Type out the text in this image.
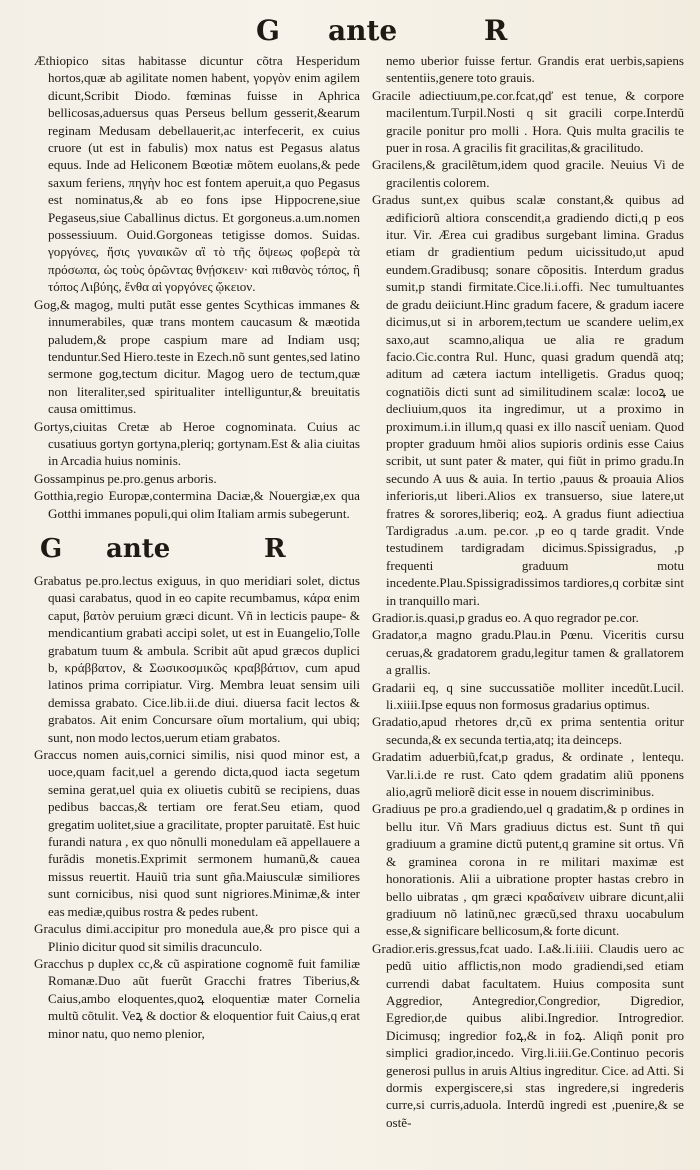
G ante	R

Æthiopico sitas habitasse dicuntur cõtra Hesperidum hortos,quæ ab agilitate nomen habent, γοργὸν enim agilem dicunt,Scribit Diodo. fœminas fuisse in Aphrica bellicosas,aduersus quas Perseus bellum gesserit,&earum reginam Medusam debellauerit,ac interfecerit, ex cuius cruore (ut est in fabulis) mox natus est Pegasus alatus equus. Inde ad Heliconem Bœotiæ mõtem euolans,& pede saxum feriens, πηγὴν hoc est fontem aperuit,a quo Pegasus est nominatus,& ab eo fons ipse Hippocrene,siue Pegaseus,siue Caballinus dictus. Et gorgoneus.a.um.nomen possessiuum. Ouid.Gorgoneas tetigisse domos. Suidas. γοργόνες, ἥσις γυναικῶν αἳ τὸ τῆς ὄψεως φοβερὰ τὰ πρόσωπα, ὡς τοὺς ὁρῶντας θνῄσκειν· καὶ πιθανὸς τόπος, ἢ τόπος Λιβύης, ἔνθα αἱ γοργόνες ᾤκειον.

Gog,& magog, multi putãt esse gentes Scythicas immanes & innumerabiles, quæ trans montem caucasum & mæotida paludem,& prope caspium mare ad Indiam usq; tenduntur.Sed Hiero.teste in Ezech.nõ sunt gentes,sed latino sermone gog,tectum dicitur. Magog uero de tectum,quæ non literaliter,sed spiritualiter intelliguntur,& breuitatis causa omittimus.

Gortys,ciuitas Cretæ ab Heroe cognominata. Cuius ac cusatiuus gortyn gortyna,pleriq; gortynam.Est & alia ciuitas in Arcadia huius nominis.

Gossampinus pe.pro.genus arboris.

Gotthia,regio Europæ,contermina Daciæ,& Nouergiæ,ex qua Gotthi immanes populi,qui olim Italiam armis subegerunt.

G ante	R

Grabatus pe.pro.lectus exiguus, in quo meridiari solet, dictus quasi carabatus, quod in eo capite recumbamus, κάρα enim caput, βατὸν peruium græci dicunt. Vñ in lecticis paupe- & mendicantium grabati accipi solet, ut est in Euangelio,Tolle grabatum tuum & ambula. Scribit aũt apud græcos duplici b, κράββατον, & Σωσικοσμικῶς κραββάτιον, cum apud latinos prima corripiatur. Virg. Membra leuat sensim uili demissa grabato. Cice.lib.ii.de diui. diuersa facit lectos & grabatos. Ait enim Concursare oĩum mortalium, qui ubiq; sunt, non modo lectos,uerum etiam grabatos.

Graccus nomen auis,cornici similis, nisi quod minor est, a uoce,quam facit,uel a gerendo dicta,quod iacta segetum semina gerat,uel quia ex oliuetis cubitũ se recipiens, duas pedibus baccas,& tertiam ore ferat.Seu etiam, quod gregatim uolitet,siue a gracilitate, propter paruitatẽ. Est huic furandi natura , ex quo nõnulli monedulam eã appellauere a furãdis monetis.Exprimit sermonem humanũ,& cauea missus reuertit. Hauiũ tria sunt gña.Maiusculæ similiores sunt cornicibus, nisi quod sunt nigriores.Minimæ,& inter eas mediæ,quibus rostra & pedes rubent.

Graculus dimi.accipitur pro monedula aue,& pro pisce qui a Plinio dicitur quod sit similis dracunculo.

Gracchus p duplex cc,& cũ aspiratione cognomẽ fuit familiæ Romanæ.Duo aũt fuerũt Gracchi fratres Tiberius,& Caius,ambo eloquentes,quoꝝ eloquentiæ mater Cornelia multũ cõtulit. Veꝝ & doctior & eloquentior fuit Caius,q erat minor natu, quo nemo plenior,

nemo uberior fuisse fertur. Grandis erat uerbis,sapiens sententiis,genere toto grauis.

Gracile adiectiuum,pe.cor.fcat,qď est tenue, & corpore macilentum.Turpil.Nosti q sit gracili corpe.Interdũ gracile ponitur pro molli . Hora. Quis multa gracilis te puer in rosa. A gracilis fit gracilitas,& gracilitudo.

Gracilens,& gracilẽtum,idem quod gracile. Neuius Vi de gracilentis colorem.

Gradus sunt,ex quibus scalæ constant,& quibus ad ædificiorũ altiora conscendit,a gradiendo dicti,q p eos itur. Vir. Ærea cui gradibus surgebant limina. Gradus etiam dr gradientium pedum uicissitudo,ut apud eundem.Gradibusq; sonare cõpositis. Interdum gradus sumit,p standi firmitate.Cice.li.i.offi. Nec tumultuantes de gradu deiiciunt.Hinc gradum facere, & gradum iacere dicimus,ut si in arborem,tectum ue scandere uelim,ex saxo,aut scamno,aliqua ue alia re gradum facio.Cic.contra Rul. Hunc, quasi gradum quendã atq; aditum ad cætera iactum intelligetis. Gradus quoq; cognatiõis dicti sunt ad similitudinem scalæ: locoꝝ ue decliuium,quos ita ingredimur, ut a proximo in proximum.i.in illum,q quasi ex illo nascit̃ ueniam. Quod propter graduum hmõi alios supioris ordinis esse Caius scribit, ut sunt pater & mater, qui fiũt in primo gradu.In secundo A uus & auia. In tertio ,pauus & proauia Alios inferioris,ut liberi.Alios ex transuerso, siue latere,ut fratres & sorores,liberiq; eoꝝ. A gradus fiunt adiectiua Tardigradus .a.um. pe.cor. ,p eo q tarde gradit. Vnde testudinem tardigradam dicimus.Spissigradus, ,p frequenti graduum motu incedente.Plau.Spissigradissimos tardiores,q corbitæ sint in tranquillo mari.

Gradior.is.quasi,p gradus eo. A quo regrador pe.cor.

Gradator,a magno gradu.Plau.in Pœnu. Viceritis cursu ceruas,& gradatorem gradu,legitur tamen & grallatorem a grallis.

Gradarii eq, q sine succussatiõe molliter incedũt.Lucil. li.xiiii.Ipse equus non formosus gradarius optimus.

Gradatio,apud rhetores dr,cũ ex prima sententia oritur secunda,& ex secunda tertia,atq; ita deinceps.

Gradatim aduerbiũ,fcat,p gradus, & ordinate , lentequ. Var.li.i.de re rust. Cato qdem gradatim aliũ pponens alio,agrũ meliorẽ dicit esse in nouem discriminibus.

Gradiuus pe pro.a gradiendo,uel q gradatim,& p ordines in bellu itur. Vñ Mars gradiuus dictus est. Sunt tñ qui gradiuum a gramine dictũ putent,q gramine sit ortus. Vñ & graminea corona in re militari maximæ est honorationis. Alii a uibratione propter hastas crebro in bello uibratas , qm græci κραδαίνειν uibrare dicunt,alii gradiuum nõ latinũ,nec græcũ,sed thraxu uocabulum esse,& significare bellicosum,& forte dicunt.

Gradior.eris.gressus,fcat uado. I.a&.li.iiii. Claudis uero ac pedũ uitio afflictis,non modo gradiendi,sed etiam currendi dabat facultatem. Huius composita sunt Aggredior, Antegredior,Congredior, Digredior, Egredior,de quibus alibi.Ingredior. Introgredior. Dicimusq; ingredior foꝝ,& in foꝝ. Aliqñ ponit pro simplici gradior,incedo. Virg.li.iii.Ge.Continuo pecoris generosi pullus in aruis Altius ingreditur. Cice. ad Atti. Si dormis expergiscere,si stas ingredere,si ingrederis curre,si curris,aduola. Interdũ ingredi est ,puenire,& se ostẽ-
